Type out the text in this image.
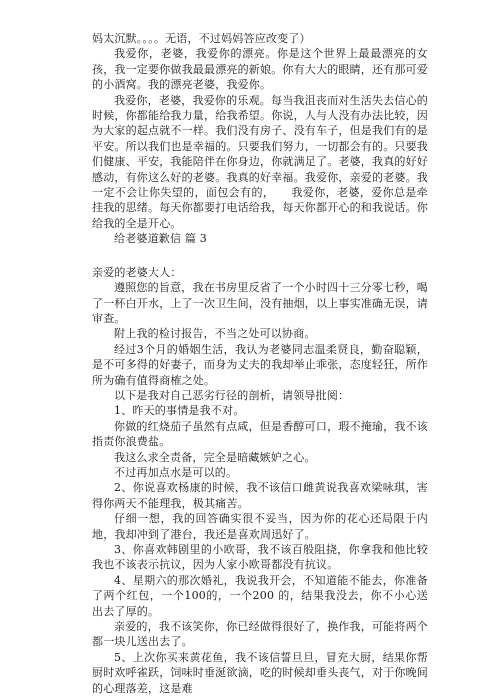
妈太沉默。。。。无语，不过妈妈答应改变了）

我爱你，老婆，我爱你的漂亮。你是这个世界上最最漂亮的女孩，我一定要你做我最最漂亮的新娘。你有大大的眼睛，还有那可爱的小酒窝。我的漂亮老婆，我爱你。

我爱你，老婆，我爱你的乐观。每当我沮丧而对生活失去信心的时候，你都能给我力量，给我希望。你说，人与人没有办法比较，因为大家的起点就不一样。我们没有房子、没有车子，但是我们有的是平安。所以我们也是幸福的。只要我们努力，一切都会有的。只要我们健康、平安，我能陪伴在你身边，你就满足了。老婆，我真的好好感动，有你这么好的老婆。我真的好幸福。我爱你，亲爱的老婆。我一定不会让你失望的，面包会有的，　　我爱你，老婆，爱你总是牵挂我的思绪。每天你都要打电话给我，每天你都开心的和我说话。你给我的全是开心。

给老婆道歉信 篇 3

亲爱的老婆大人：

遵照您的旨意，我在书房里反省了一个小时四十三分零七秒，喝了一杯白开水，上了一次卫生间，没有抽烟，以上事实准确无误，请审查。

附上我的检讨报告，不当之处可以协商。

经过3个月的婚姻生活，我认为老婆同志温柔贤良，勤奋聪颖，是不可多得的好妻子，而身为丈夫的我却举止乖张，态度轻狂，所作所为确有值得商榷之处。

以下是我对自己恶劣行径的剖析，请领导批阅：

1、昨天的事情是我不对。

你做的红烧茄子虽然有点咸，但是香醇可口，瑕不掩瑜，我不该指责你浪费盐。

我这么求全责备，完全是暗藏嫉妒之心。

不过再加点水是可以的。

2、你说喜欢杨康的时候，我不该信口雌黄说我喜欢梁咏琪，害得你两天不能理我，极其痛苦。

仔细一想，我的回答确实很不妥当，因为你的花心还局限于内地，我却冲到了港台，我还是喜欢周迅好了。

3、你喜欢韩剧里的小欧哥，我不该百般阻挠，你拿我和他比较我也不该表示抗议，因为人家小欧哥都没有抗议。

4、星期六的那次婚礼，我说我开会，不知道能不能去，你准备了两个红包，一个100的，一个200 的，结果我没去，你不小心送出去了厚的。

亲爱的，我不该笑你，你已经做得很好了，换作我，可能将两个都一块儿送出去了。

5、上次你买来黄花鱼，我不该信誓旦旦，冒充大厨，结果你帮厨时欢呼雀跃，饲味时垂涎欲滴，吃的时候却垂头丧气，对于你晚间的心理落差，这是难
